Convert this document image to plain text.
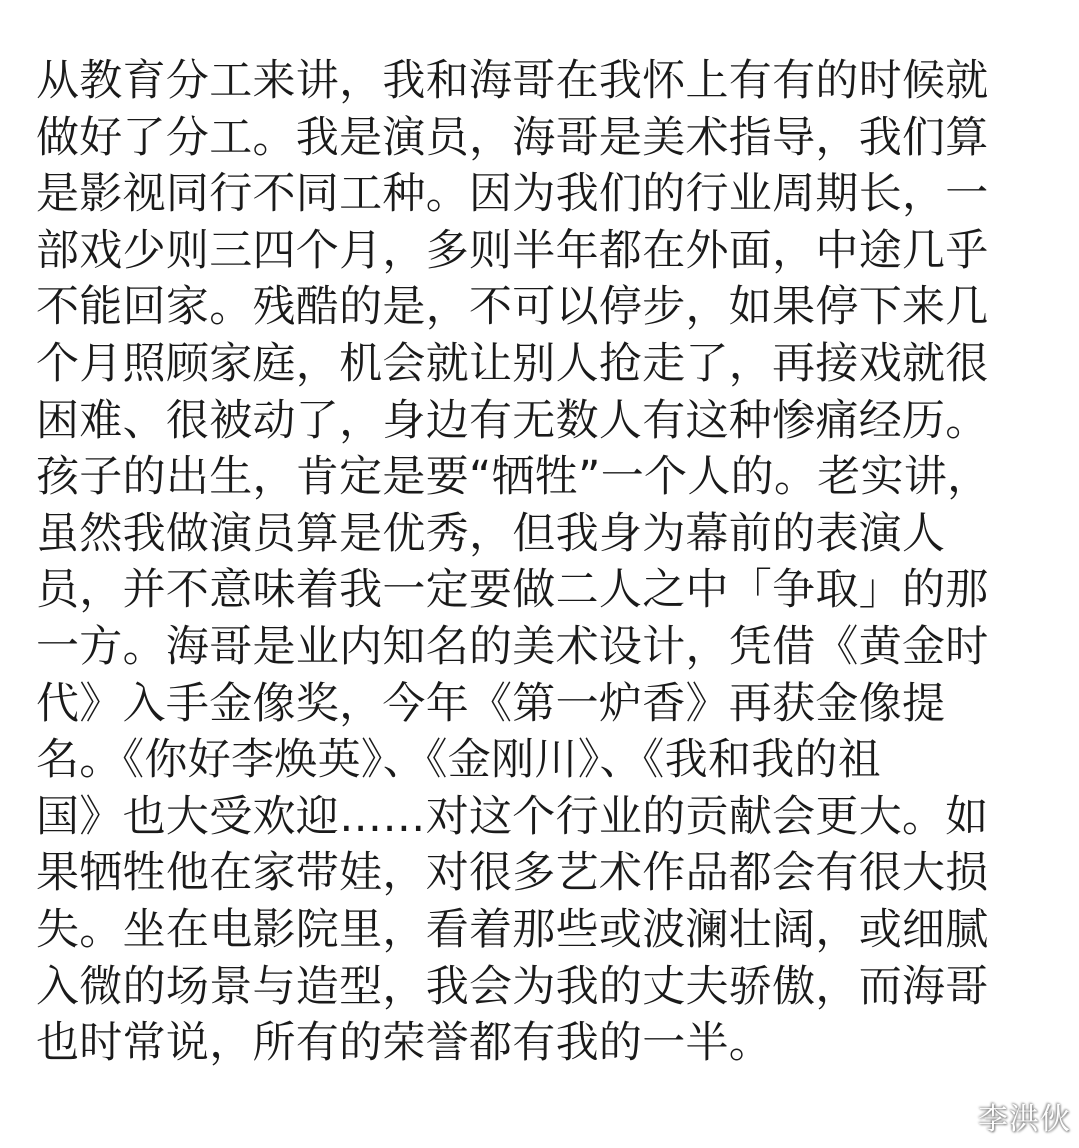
从教育分工来讲，我和海哥在我怀上有有的时候就
做好了分工。我是演员，海哥是美术指导，我们算
是影视同行不同工种。因为我们的行业周期长，一
部戏少则三四个月，多则半年都在外面，中途几乎
不能回家。残酷的是，不可以停步，如果停下来几
个月照顾家庭，机会就让别人抢走了，再接戏就很
困难、很被动了，身边有无数人有这种惨痛经历。
孩子的出生，肯定是要“牺牲”一个人的。老实讲，
虽然我做演员算是优秀，但我身为幕前的表演人
员，并不意味着我一定要做二人之中「争取」的那
一方。海哥是业内知名的美术设计，凭借《黄金时
代》入手金像奖，今年《第一炉香》再获金像提
名。《你好李焕英》、《金刚川》、《我和我的祖
国》也大受欢迎……对这个行业的贡献会更大。如
果牺牲他在家带娃，对很多艺术作品都会有很大损
失。坐在电影院里，看着那些或波澜壮阔，或细腻
入微的场景与造型，我会为我的丈夫骄傲，而海哥
也时常说，所有的荣誉都有我的一半。
李洪伙
